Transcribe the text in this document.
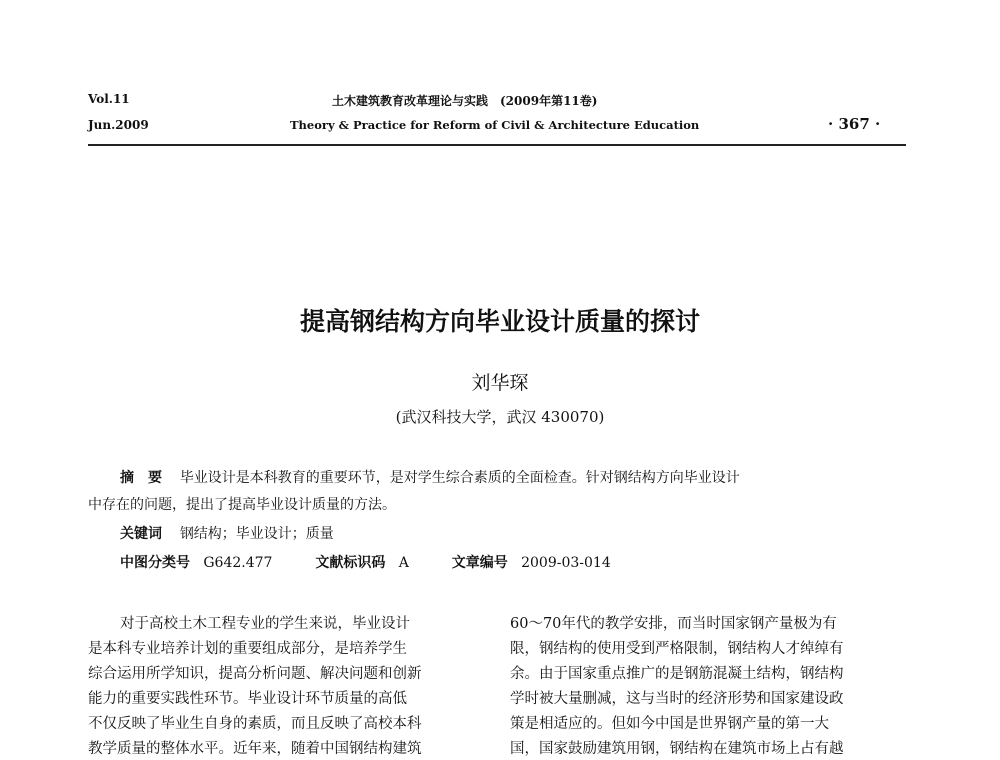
Vol.11
Jun.2009
土木建筑教育改革理论与实践　(2009年第11卷)
Theory & Practice for Reform of Civil & Architecture Education	· 367 ·
提高钢结构方向毕业设计质量的探讨
刘华琛
(武汉科技大学，武汉 430070)
摘　要 毕业设计是本科教育的重要环节，是对学生综合素质的全面检查。针对钢结构方向毕业设计
中存在的问题，提出了提高毕业设计质量的方法。
关键词 钢结构；毕业设计；质量
中图分类号 G642.477	文献标识码 A	文章编号 2009-03-014
对于高校土木工程专业的学生来说，毕业设计
是本科专业培养计划的重要组成部分，是培养学生
综合运用所学知识，提高分析问题、解决问题和创新
能力的重要实践性环节。毕业设计环节质量的高低
不仅反映了毕业生自身的素质，而且反映了高校本科
教学质量的整体水平。近年来，随着中国钢结构建筑
60～70年代的教学安排，而当时国家钢产量极为有
限，钢结构的使用受到严格限制，钢结构人才绰绰有
余。由于国家重点推广的是钢筋混凝土结构，钢结构
学时被大量删减，这与当时的经济形势和国家建设政
策是相适应的。但如今中国是世界钢产量的第一大
国，国家鼓励建筑用钢，钢结构在建筑市场上占有越
